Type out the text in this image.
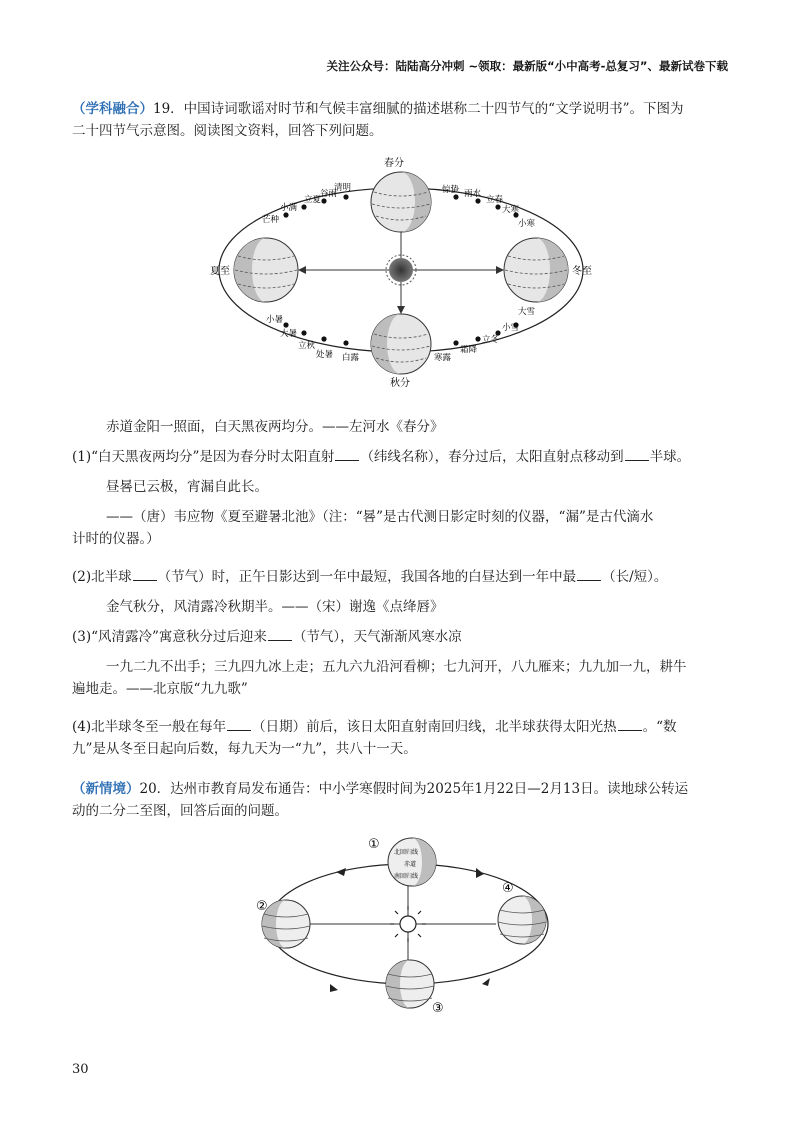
关注公众号：陆陆高分冲刺 ~领取：最新版“小中高考-总复习”、最新试卷下载
（学科融合）19．中国诗词歌谣对时节和气候丰富细腻的描述堪称二十四节气的“文学说明书”。下图为
二十四节气示意图。阅读图文资料，回答下列问题。
春分
夏至	冬至
秋分
清明
谷雨
立夏
小满
芒种
惊蛰 雨水
立春
大寒
小寒
小暑
大暑
立秋
处暑 白露	寒露
霜降
立冬
小雪
大雪
赤道金阳一照面，白天黑夜两均分。——左河水《春分》
(1)“白天黑夜两均分”是因为春分时太阳直射 （纬线名称），春分过后，太阳直射点移动到 半球。
昼晷已云极，宵漏自此长。
——（唐）韦应物《夏至避暑北池》（注：“晷”是古代测日影定时刻的仪器，“漏”是古代滴水
计时的仪器。）
(2)北半球 （节气）时，正午日影达到一年中最短，我国各地的白昼达到一年中最 （长/短）。
金气秋分，风清露冷秋期半。——（宋）谢逸《点绛唇》
(3)“风清露冷”寓意秋分过后迎来 （节气），天气渐渐风寒水凉
一九二九不出手；三九四九冰上走；五九六九沿河看柳；七九河开，八九雁来；九九加一九，耕牛
遍地走。——北京版“九九歌”
(4)北半球冬至一般在每年 （日期）前后，该日太阳直射南回归线，北半球获得太阳光热 。“数
九”是从冬至日起向后数，每九天为一“九”，共八十一天。
（新情境）20．达州市教育局发布通告：中小学寒假时间为2025年1月22日—2月13日。读地球公转运
动的二分二至图，回答后面的问题。
北回归线
赤道
南回归线
①
②
④
③
30
